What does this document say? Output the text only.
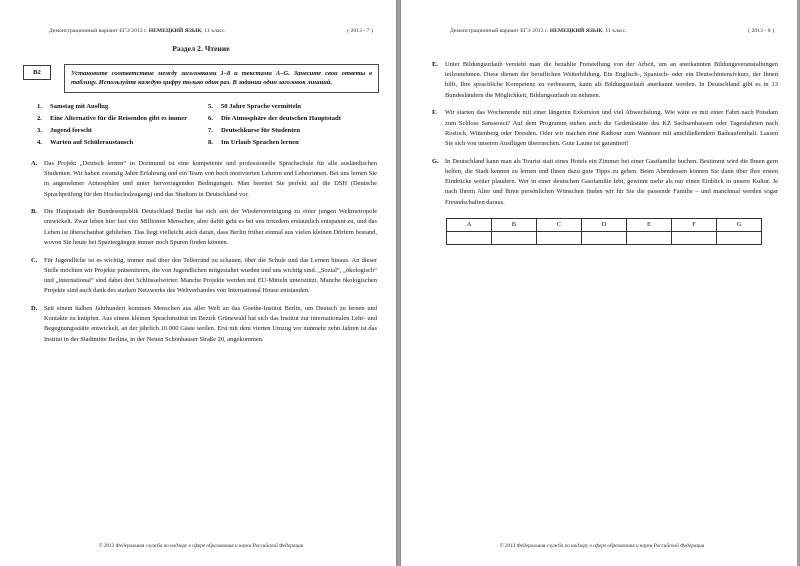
Демонстрационный вариант ЕГЭ 2013 г. НЕМЕЦКИЙ ЯЗЫК, 11 класс.	( 2013 - 7 )
Раздел 2. Чтение
B2	Установите соответствие между заголовками 1–8 и текстами A–G. Занесите свои ответы в таблицу. Используйте каждую цифру только один раз. В задании один заголовок лишний.
1.	Samstag mit Ausflug
2.	Eine Alternative für die Reisenden gibt es immer
3.	Jugend forscht
4.	Warten auf Schüleraustausch
5.	50 Jahre Sprache vermitteln
6.	Die Atmosphäre der deutschen Hauptstadt
7.	Deutschkurse für Studenten
8.	Im Urlaub Sprachen lernen
A.	Das Projekt „Deutsch lernen“ in Dortmund ist eine kompetente und professionelle Sprachschule für alle ausländischen Studenten. Wir haben zwanzig Jahre Erfahrung und ein Team von hoch motivierten Lehrern und Lehrerinnen. Bei uns lernen Sie in angenehmer Atmosphäre und unter hervorragenden Bedingungen. Man bereitet Sie perfekt auf die DSH (Deutsche Sprachprüfung für den Hochschulzugang) und das Studium in Deutschland vor.
B.	Die Hauptstadt der Bundesrepublik Deutschland Berlin hat sich seit der Wiedervereinigung zu einer jungen Weltmetropole entwickelt. Zwar leben hier fast vier Millionen Menschen, aber dafür geht es bei uns trotzdem erstaunlich entspannt zu, und das Leben ist überschaubar geblieben. Das liegt vielleicht auch daran, dass Berlin früher einmal aus vielen kleinen Dörfern bestand, wovon Sie heute bei Spaziergängen immer noch Spuren finden können.
C.	Für Jugendliche ist es wichtig, immer mal über den Tellerrand zu schauen, über die Schule und das Lernen hinaus. An dieser Stelle möchten wir Projekte präsentieren, die von Jugendlichen mitgestaltet wurden und uns wichtig sind. „Sozial“, „ökologisch“ und „international“ sind dabei drei Schlüsselwörter. Manche Projekte werden mit EU-Mitteln unterstützt. Manche ökologischen Projekte sind auch dank des starken Netzwerks des Weltverbandes von International House entstanden.
D.	Seit einem halben Jahrhundert kommen Menschen aus aller Welt an das Goethe-Institut Berlin, um Deutsch zu lernen und Kontakte zu knüpfen. Aus einem kleinen Sprachinstitut im Bezirk Grünewald hat sich das Institut zur internationalen Lehr- und Begegnungsstätte entwickelt, an der jährlich 10.000 Gäste weilen. Erst mit dem vierten Umzug vor nunmehr zehn Jahren ist das Institut in der Stadtmitte Berlins, in der Neuen Schönhauser Straße 20, angekommen.
© 2013 Федеральная служба по надзору в сфере образования и науки Российской Федерации
Демонстрационный вариант ЕГЭ 2013 г. НЕМЕЦКИЙ ЯЗЫК, 11 класс.	( 2013 - 8 )
E.	Unter Bildungsurlaub versteht man die bezahlte Freistellung von der Arbeit, um an anerkannten Bildungsveranstaltungen teilzunehmen. Diese dienen der beruflichen Weiterbildung. Ein Englisch-, Spanisch- oder ein Deutschintensivkurs, der Ihnen hilft, Ihre sprachliche Kompetenz zu verbessern, kann als Bildungsurlaub anerkannt werden. In Deutschland gibt es in 13 Bundesländern die Möglichkeit, Bildungsurlaub zu nehmen.
F.	Wir starten das Wochenende mit einer längeren Exkursion und viel Abwechslung. Wie wäre es mit einer Fahrt nach Potsdam zum Schloss Sanssouci? Auf dem Programm stehen auch die Gedenkstätte des KZ Sachsenhausen oder Tagesfahrten nach Rostock, Wittenberg oder Dresden. Oder wir machen eine Radtour zum Wannsee mit anschließendem Badeaufenthalt. Lassen Sie sich von unseren Ausflügen überraschen. Gute Laune ist garantiert!
G. In Deutschland kann man als Tourist statt eines Hotels ein Zimmer bei einer Gastfamilie buchen. Bestimmt wird die Ihnen gern helfen, die Stadt kennen zu lernen und Ihnen dazu gute Tipps zu geben. Beim Abendessen können Sie dann über Ihre ersten Eindrücke weiter plaudern. Wer in einer deutschen Gastfamilie lebt, gewinnt mehr als nur einen Einblick in unsere Kultur. Je nach Ihrem Alter und Ihren persönlichen Wünschen finden wir für Sie die passende Familie – und manchmal werden sogar Freundschaften daraus.
A	B	C	D	E	F	G

© 2013 Федеральная служба по надзору в сфере образования и науки Российской Федерации
